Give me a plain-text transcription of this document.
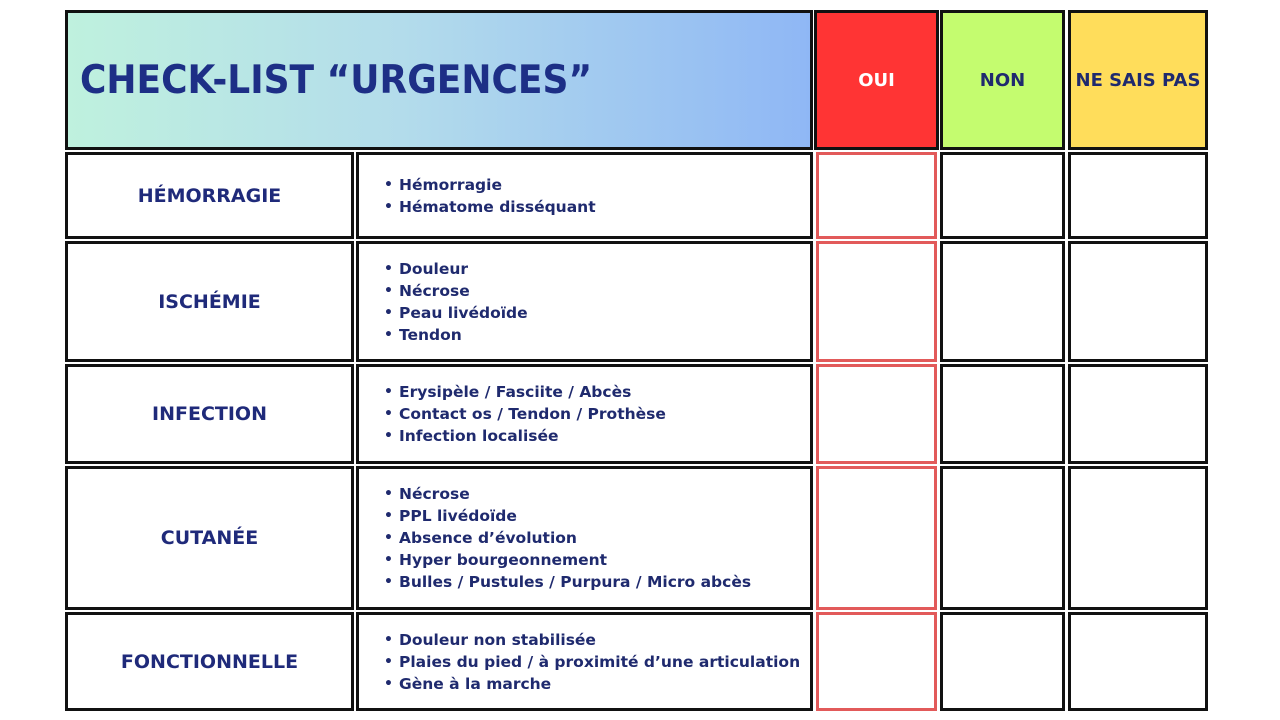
CHECK-LIST “URGENCES”	OUI	NON	NE SAIS PAS
HÉMORRAGIE
•	Hémorragie
• Hématome disséquant
ISCHÉMIE
• Douleur
• Nécrose
• Peau livédoïde
• Tendon
INFECTION
• Erysipèle / Fasciite / Abcès
• Contact os / Tendon / Prothèse
• Infection localisée
CUTANÉE
• Nécrose
• PPL livédoïde
• Absence d’évolution
• Hyper bourgeonnement
• Bulles / Pustules / Purpura / Micro abcès
FONCTIONNELLE
• Douleur non stabilisée
• Plaies du pied / à proximité d’une articulation
• Gène à la marche
